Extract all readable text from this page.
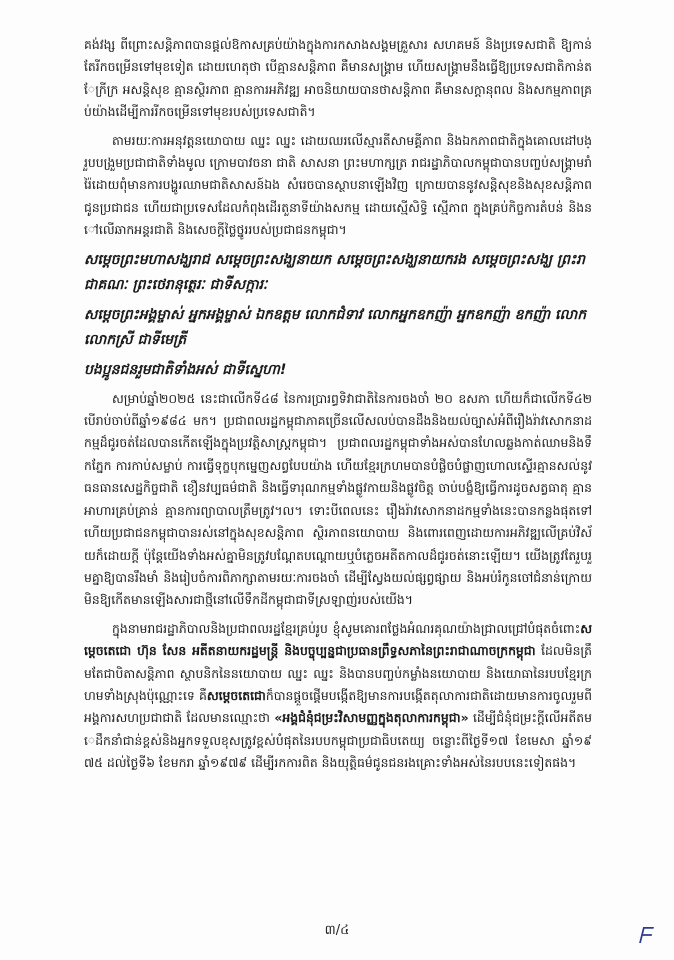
គង់វង្ស ពីព្រោះសន្តិភាពបានផ្តល់ឱកាសគ្រប់យ៉ាងក្នុងការកសាងសង្គមគ្រួសារ សហគមន៍ និងប្រទេសជាតិ ឱ្យកាន់តែរីកចម្រើនទៅមុខទៀត ដោយហេតុថា បើគ្មានសន្តិភាព គឺមានសង្គ្រាម ហើយសង្គ្រាមនឹងធ្វើឱ្យប្រទេសជាតិកាន់តែក្រីក្រ អសន្តិសុខ គ្មានស្ថិរភាព គ្មានការអភិវឌ្ឍ អាចនិយាយបានថាសន្តិភាព គឺមានសក្តានុពល និងសកម្មភាពគ្រប់យ៉ាងដើម្បីការរីកចម្រើនទៅមុខរបស់ប្រទេសជាតិ។

តាមរយៈការអនុវត្តនយោបាយ ឈ្នះ ឈ្នះ ដោយឈរលើស្មារតីសាមគ្គីភាព និងឯកភាពជាតិក្នុងគោលដៅបង្រួបបង្រួមប្រជាជាតិទាំងមូល ក្រោមបាវចនា ជាតិ សាសនា ព្រះមហាក្សត្រ រាជរដ្ឋាភិបាលកម្ពុជាបានបញ្ចប់សង្គ្រាមរាំរ៉ៃដោយពុំមានការបង្ហូរឈាមជាតិសាសន៍ឯង សំរេចបានស្ថាបនាឡើងវិញ ក្រោយបាននូវសន្តិសុខនិងសុខសន្តិភាពជូនប្រជាជន ហើយជាប្រទេសដែលកំពុងដើរតួនាទីយ៉ាងសកម្ម ដោយស្មើសិទ្ធិ ស្មើភាព ក្នុងគ្រប់កិច្ចការតំបន់ និងនៅលើឆាកអន្តរជាតិ និងសេចក្តីថ្លៃថ្នូររបស់ប្រជាជនកម្ពុជា។

សម្តេចព្រះមហាសង្ឃរាជ សម្តេចព្រះសង្ឃនាយក សម្តេចព្រះសង្ឃនាយករង សម្តេចព្រះសង្ឃ ព្រះរាជាគណៈ ព្រះថេរានុត្ថេរៈ ជាទីសក្ការៈ

សម្តេចព្រះអង្គម្ចាស់ អ្នកអង្គម្ចាស់ ឯកឧត្តម លោកជំទាវ លោកអ្នកឧកញ៉ា អ្នកឧកញ៉ា ឧកញ៉ា លោក លោកស្រី ជាទីមេត្រី

បងប្អូនជនរួមជាតិទាំងអស់ ជាទីស្នេហា!

សម្រាប់ឆ្នាំ២០២៥ នេះជាលើកទី៤៨ នៃការប្រារព្ធទិវាជាតិនៃការចងចាំ ២០ ឧសភា ហើយក៏ជាលើកទី៤២ បើរាប់ចាប់ពីឆ្នាំ១៩៨៤ មក។ ប្រជាពលរដ្ឋកម្ពុជាភាគច្រើនលើសលប់បានដឹងនិងយល់ច្បាស់អំពីរឿងរ៉ាវសោកនាដកម្មដ៏ជូរចត់ដែលបានកើតឡើងក្នុងប្រវត្តិសាស្ត្រកម្ពុជា។ ប្រជាពលរដ្ឋកម្ពុជាទាំងអស់បានហែលឆ្លងកាត់ឈាមនិងទឹកភ្នែក ការកាប់សម្លាប់ ការធ្វើទុក្ខបុកម្នេញសព្វបែបយ៉ាង ហើយខ្មែរក្រហមបានបំផ្លិចបំផ្លាញហោលស្ទើរគ្មានសល់នូវធនធានសេដ្ឋកិច្ចជាតិ ខឿនវប្បធម៌ជាតិ និងធ្វើទារុណកម្មទាំងផ្លូវកាយនិងផ្លូវចិត្ត ចាប់បង្ខំឱ្យធ្វើការដូចសត្វធាតុ គ្មានអាហារគ្រប់គ្រាន់ គ្មានការព្យាបាលត្រឹមត្រូវ។ល។ ទោះបីពេលនេះ រឿងរ៉ាវសោកនាដកម្មទាំងនេះបានកន្លងផុតទៅ ហើយប្រជាជនកម្ពុជាបានរស់នៅក្នុងសុខសន្តិភាព ស្ថិរភាពនយោបាយ និងពោរពេញដោយការអភិវឌ្ឍលើគ្រប់វិស័យក៏ដោយក្តី ប៉ុន្តែយើងទាំងអស់គ្នាមិនត្រូវបណ្តែតបណ្តោយឬបំភ្លេចអតីតកាលដ៏ជូរចត់នោះឡើយ។ យើងត្រូវតែរួបរួមគ្នាឱ្យបានរឹងមាំ និងរៀបចំការពិភាក្សាតាមរយៈការចងចាំ ដើម្បីស្វែងយល់ផ្សព្វផ្សាយ និងអប់រំកូនចៅជំនាន់ក្រោយ មិនឱ្យកើតមានឡើងសារជាថ្មីនៅលើទឹកដីកម្ពុជាជាទីស្រឡាញ់របស់យើង។

ក្នុងនាមរាជរដ្ឋាភិបាលនិងប្រជាពលរដ្ឋខ្មែរគ្រប់រូប ខ្ញុំសូមគោរពថ្លែងអំណរគុណយ៉ាងជ្រាលជ្រៅបំផុតចំពោះសម្តេចតេជោ ហ៊ុន សែន អតីតនាយករដ្ឋមន្ត្រី និងបច្ចុប្បន្នជាប្រធានព្រឹទ្ធសភានៃព្រះរាជាណាចក្រកម្ពុជា ដែលមិនត្រឹមតែជាបិតាសន្តិភាព ស្ថាបនិកនៃនយោបាយ ឈ្នះ ឈ្នះ និងបានបញ្ចប់កម្លាំងនយោបាយ និងយោធានៃរបបខ្មែរក្រហមទាំងស្រុងប៉ុណ្ណោះទេ គឺសម្តេចតេជោក៏បានផ្តួចផ្តើមបង្កើតឱ្យមានការបង្កើតតុលាការជាតិដោយមានការចូលរួមពីអង្គការសហប្រជាជាតិ ដែលមានឈ្មោះថា «អង្គជំនុំជម្រះវិសាមញ្ញក្នុងតុលាការកម្ពុជា» ដើម្បីជំនុំជម្រះក្តីលើអតីតមេដឹកនាំជាន់ខ្ពស់និងអ្នកទទួលខុសត្រូវខ្ពស់បំផុតនៃរបបកម្ពុជាប្រជាធិបតេយ្យ ចន្លោះពីថ្ងៃទី១៧ ខែមេសា ឆ្នាំ១៩៧៥ ដល់ថ្ងៃទី៦ ខែមករា ឆ្នាំ១៩៧៩ ដើម្បីរកការពិត និងយុត្តិធម៌ជូនជនរងគ្រោះទាំងអស់នៃរបបនេះទៀតផង។

៣/៤	ᖴ
